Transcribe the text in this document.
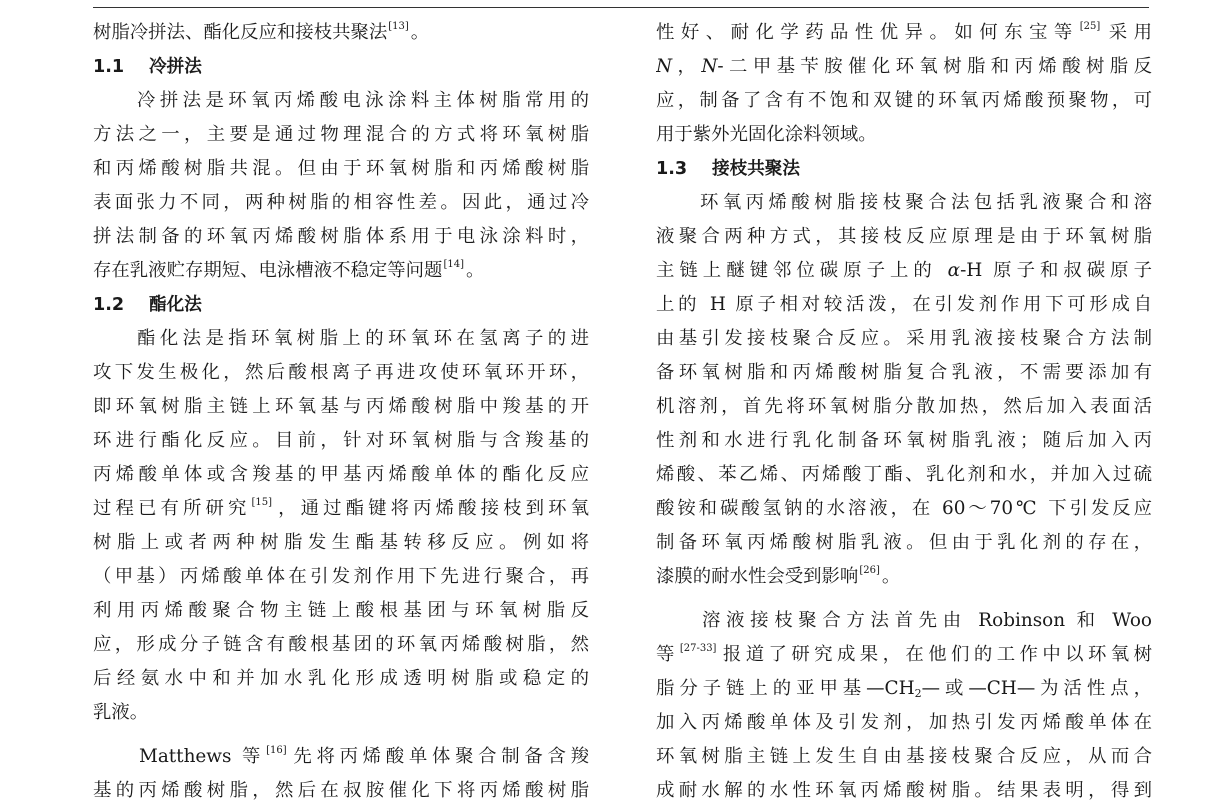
树脂冷拼法、酯化反应和接枝共聚法[13] 。
1.1 冷拼法
冷拼法是环氧丙烯酸电泳涂料主体树脂常用的
方法之一，主要是通过物理混合的方式将环氧树脂
和丙烯酸树脂共混。但由于环氧树脂和丙烯酸树脂
表面张力不同，两种树脂的相容性差。因此，通过冷
拼法制备的环氧丙烯酸树脂体系用于电泳涂料时，
存在乳液贮存期短、电泳槽液不稳定等问题[14] 。
1.2 酯化法
酯化法是指环氧树脂上的环氧环在氢离子的进
攻下发生极化，然后酸根离子再进攻使环氧环开环，
即环氧树脂主链上环氧基与丙烯酸树脂中羧基的开
环进行酯化反应。目前，针对环氧树脂与含羧基的
丙烯酸单体或含羧基的甲基丙烯酸单体的酯化反应
过程已有所研究[15] ，通过酯键将丙烯酸接枝到环氧
树脂上或者两种树脂发生酯基转移反应。例如将
（甲基）丙烯酸单体在引发剂作用下先进行聚合，再
利用丙烯酸聚合物主链上酸根基团与环氧树脂反
应，形成分子链含有酸根基团的环氧丙烯酸树脂，然
后经氨水中和并加水乳化形成透明树脂或稳定的
乳液。
Matthews 等[16] 先将丙烯酸单体聚合制备含羧
基的丙烯酸树脂，然后在叔胺催化下将丙烯酸树脂
性好、耐化学药品性优异。如何东宝等[25] 采用
N，N-二甲基苄胺催化环氧树脂和丙烯酸树脂反
应，制备了含有不饱和双键的环氧丙烯酸预聚物，可
用于紫外光固化涂料领域。
1.3 接枝共聚法
环氧丙烯酸树脂接枝聚合法包括乳液聚合和溶
液聚合两种方式，其接枝反应原理是由于环氧树脂
主链上醚键邻位碳原子上的 α-H 原子和叔碳原子
上的 H 原子相对较活泼，在引发剂作用下可形成自
由基引发接枝聚合反应。采用乳液接枝聚合方法制
备环氧树脂和丙烯酸树脂复合乳液，不需要添加有
机溶剂，首先将环氧树脂分散加热，然后加入表面活
性剂和水进行乳化制备环氧树脂乳液；随后加入丙
烯酸、苯乙烯、丙烯酸丁酯、乳化剂和水，并加入过硫
酸铵和碳酸氢钠的水溶液，在 60～70℃ 下引发反应
制备环氧丙烯酸树脂乳液。但由于乳化剂的存在，
漆膜的耐水性会受到影响[26] 。
溶液接枝聚合方法首先由 Robinson 和 Woo
等[27-33] 报道了研究成果，在他们的工作中以环氧树
脂分子链上的亚甲基$—CH_2—$或—CH—为活性点，
加入丙烯酸单体及引发剂，加热引发丙烯酸单体在
环氧树脂主链上发生自由基接枝聚合反应，从而合
成耐水解的水性环氧丙烯酸树脂。结果表明，得到
